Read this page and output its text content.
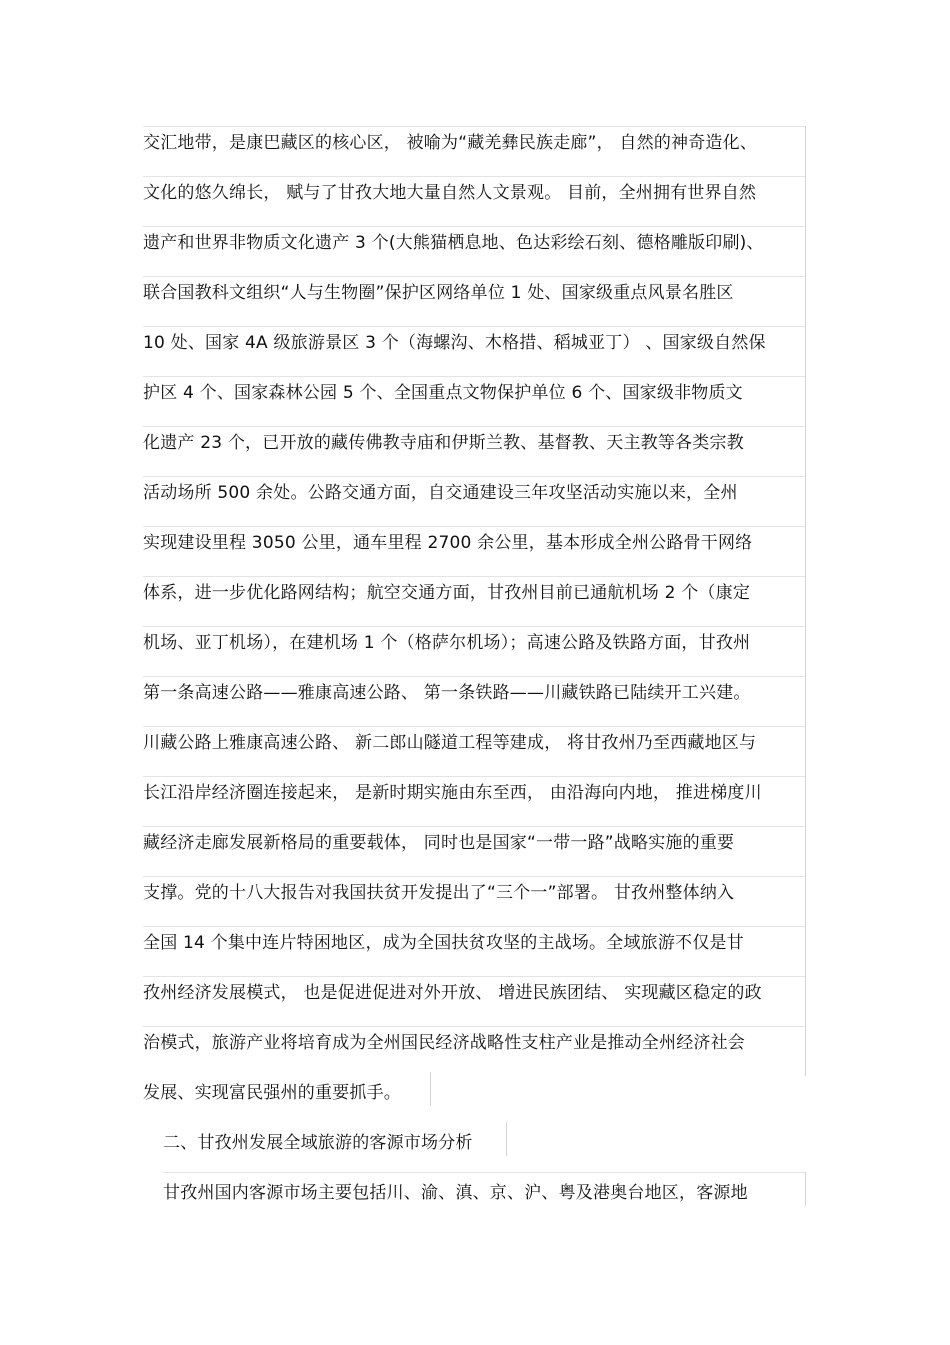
交汇地带，是康巴藏区的核心区， 被喻为“藏羌彝民族走廊”， 自然的神奇造化、
文化的悠久绵长， 赋与了甘孜大地大量自然人文景观。 目前，全州拥有世界自然
遗产和世界非物质文化遗产 3 个(大熊猫栖息地、色达彩绘石刻、德格雕版印刷)、
联合国教科文组织“人与生物圈”保护区网络单位 1 处、国家级重点风景名胜区
10 处、国家 4A 级旅游景区 3 个（海螺沟、木格措、稻城亚丁） 、国家级自然保
护区 4 个、国家森林公园 5 个、全国重点文物保护单位 6 个、国家级非物质文
化遗产 23 个，已开放的藏传佛教寺庙和伊斯兰教、基督教、天主教等各类宗教
活动场所 500 余处。公路交通方面，自交通建设三年攻坚活动实施以来，全州
实现建设里程 3050 公里，通车里程 2700 余公里，基本形成全州公路骨干网络
体系，进一步优化路网结构；航空交通方面，甘孜州目前已通航机场 2 个（康定
机场、亚丁机场），在建机场 1 个（格萨尔机场）；高速公路及铁路方面，甘孜州
第一条高速公路——雅康高速公路、 第一条铁路——川藏铁路已陆续开工兴建。
川藏公路上雅康高速公路、 新二郎山隧道工程等建成， 将甘孜州乃至西藏地区与
长江沿岸经济圈连接起来， 是新时期实施由东至西， 由沿海向内地， 推进梯度川
藏经济走廊发展新格局的重要载体， 同时也是国家“一带一路”战略实施的重要
支撑。党的十八大报告对我国扶贫开发提出了“三个一”部署。 甘孜州整体纳入
全国 14 个集中连片特困地区，成为全国扶贫攻坚的主战场。全域旅游不仅是甘
孜州经济发展模式， 也是促进促进对外开放、 增进民族团结、 实现藏区稳定的政
治模式，旅游产业将培育成为全州国民经济战略性支柱产业是推动全州经济社会
发展、实现富民强州的重要抓手。
二、甘孜州发展全域旅游的客源市场分析
甘孜州国内客源市场主要包括川、渝、滇、京、沪、粤及港奥台地区，客源地
